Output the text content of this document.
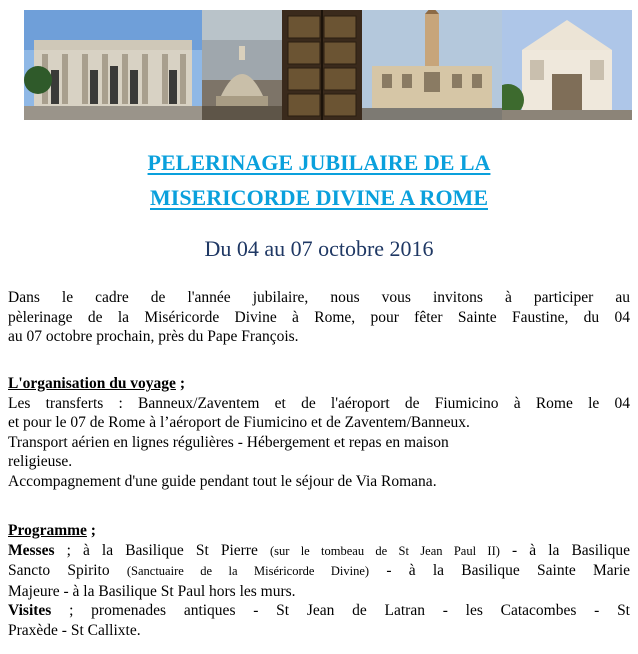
PELERINAGE JUBILAIRE DE LA
MISERICORDE DIVINE A ROME
Du 04 au 07 octobre 2016
Dans le cadre de l'année jubilaire, nous vous invitons à participer au
pèlerinage de la Miséricorde Divine à Rome, pour fêter Sainte Faustine, du 04
au 07 octobre prochain, près du Pape François.
L'organisation du voyage ;
Les transferts : Banneux/Zaventem et de l'aéroport de Fiumicino à Rome le 04
et pour le 07 de Rome à l’aéroport de Fiumicino et de Zaventem/Banneux.
Transport aérien en lignes régulières - Hébergement et repas en maison
religieuse.
Accompagnement d'une guide pendant tout le séjour de Via Romana.
Programme ;
Messes ; à la Basilique St Pierre (sur le tombeau de St Jean Paul II) - à la Basilique
Sancto Spirito (Sanctuaire de la Miséricorde Divine) - à la Basilique Sainte Marie
Majeure - à la Basilique St Paul hors les murs.
Visites ; promenades antiques - St Jean de Latran - les Catacombes - St
Praxède - St Callixte.
